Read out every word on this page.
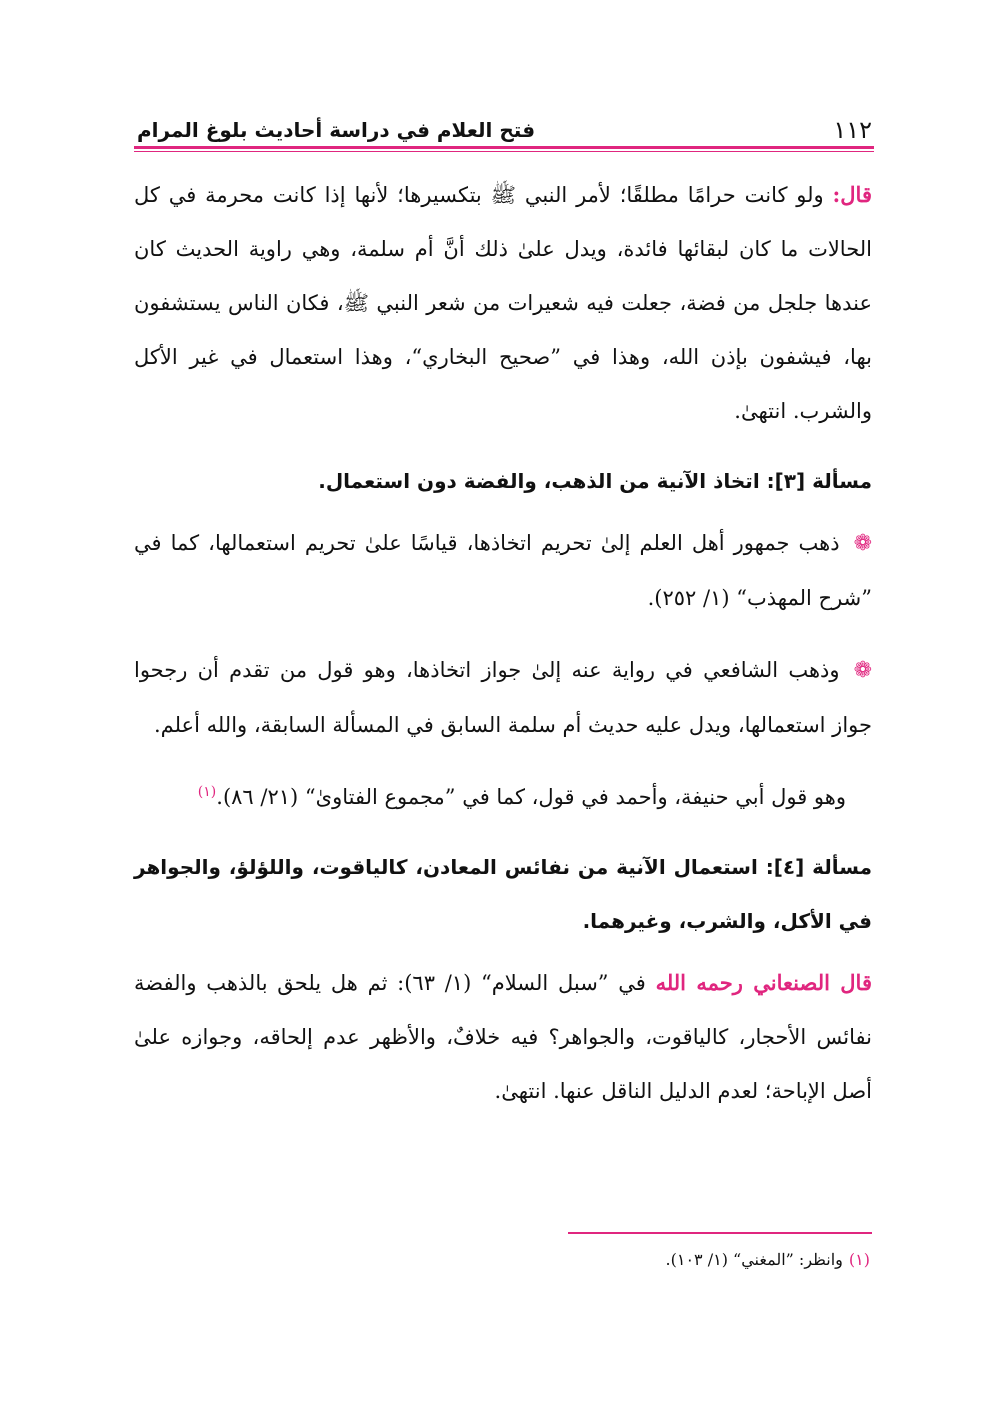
١١٢
فتح العلام في دراسة أحاديث بلوغ المرام

قال: ولو كانت حرامًا مطلقًا؛ لأمر النبي ﷺ بتكسيرها؛ لأنها إذا كانت محرمة في كل الحالات ما كان لبقائها فائدة، ويدل علىٰ ذلك أنَّ أم سلمة، وهي راوية الحديث كان عندها جلجل من فضة، جعلت فيه شعيرات من شعر النبي ﷺ، فكان الناس يستشفون بها، فيشفون بإذن الله، وهذا في ”صحيح البخاري“، وهذا استعمال في غير الأكل والشرب. انتهىٰ.

مسألة [٣]: اتخاذ الآنية من الذهب، والفضة دون استعمال.

❁ذهب جمهور أهل العلم إلىٰ تحريم اتخاذها، قياسًا علىٰ تحريم استعمالها، كما في ”شرح المهذب“ (١/ ٢٥٢).

❁وذهب الشافعي في رواية عنه إلىٰ جواز اتخاذها، وهو قول من تقدم أن رجحوا جواز استعمالها، ويدل عليه حديث أم سلمة السابق في المسألة السابقة، والله أعلم.

وهو قول أبي حنيفة، وأحمد في قول، كما في ”مجموع الفتاوىٰ“ (٢١/ ٨٦).$^{(١)}$

مسألة [٤]: استعمال الآنية من نفائس المعادن، كالياقوت، واللؤلؤ، والجواهر في الأكل، والشرب، وغيرهما.

قال الصنعاني رحمه الله في ”سبل السلام“ (١/ ٦٣): ثم هل يلحق بالذهب والفضة نفائس الأحجار، كالياقوت، والجواهر؟ فيه خلافٌ، والأظهر عدم إلحاقه، وجوازه علىٰ أصل الإباحة؛ لعدم الدليل الناقل عنها. انتهىٰ.

(١)وانظر: ”المغني“ (١/ ١٠٣).
